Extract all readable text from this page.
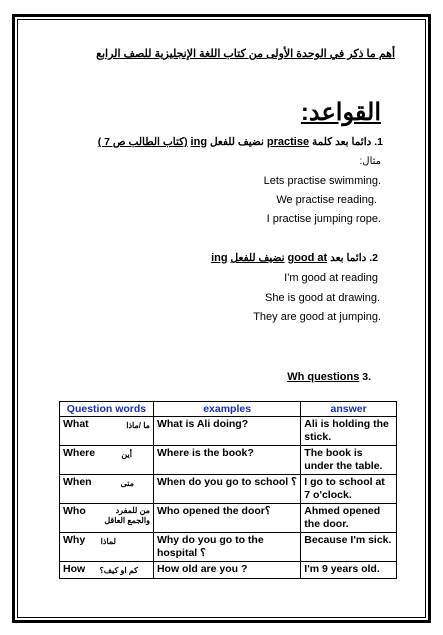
أهم ما ذكر في الوحدة الأولى من كتاب اللغة الإنجليزية للصف الرابع
القواعد:
1. دائما بعد كلمة practise نضيف للفعل ing (كتاب الطالب ص 7 )
مثال:
Lets practise swimming.
We practise reading.
I practise jumping rope.
2. دائما بعد good at نضيف للفعل ing
I'm good at reading
She is good at drawing.
They are good at jumping.
Wh questions 3.
Question words	examples	answer

What ما /ماذا	What is Ali doing?	Ali is holding the stick.

Where أين	Where is the book?	The book is under the table.

When متى	When do you go to school ؟	I go to school at 7 o'clock.

Who من للمفرد والجمع العاقل	Who opened the door؟	Ahmed opened the door.

Why لماذا	Why do you go to the hospital ؟	Because I'm sick.

How كم او كيف؟	How old are you ?	I'm 9 years old.
